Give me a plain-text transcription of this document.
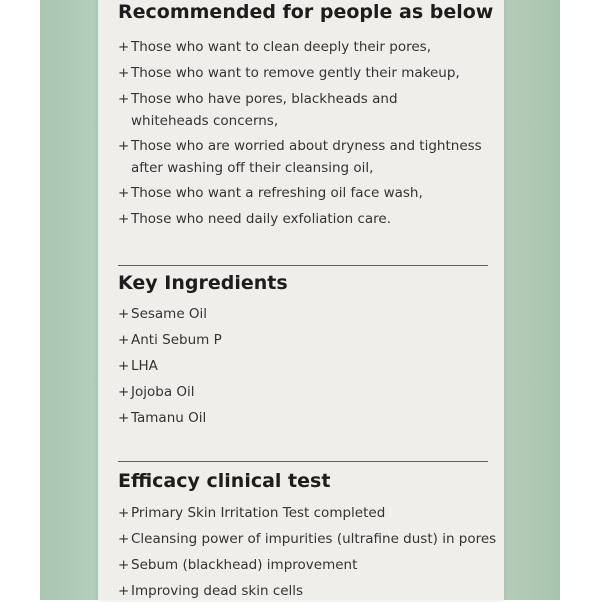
Recommended for people as below
+ Those who want to clean deeply their pores,
+ Those who want to remove gently their makeup,
+ Those who have pores, blackheads and
whiteheads concerns,
+ Those who are worried about dryness and tightness
after washing off their cleansing oil,
+ Those who want a refreshing oil face wash,
+ Those who need daily exfoliation care.
Key Ingredients
+ Sesame Oil
+ Anti Sebum P
+ LHA
+ Jojoba Oil
+ Tamanu Oil
Efficacy clinical test
+ Primary Skin Irritation Test completed
+ Cleansing power of impurities (ultrafine dust) in pores
+ Sebum (blackhead) improvement
+ Improving dead skin cells
